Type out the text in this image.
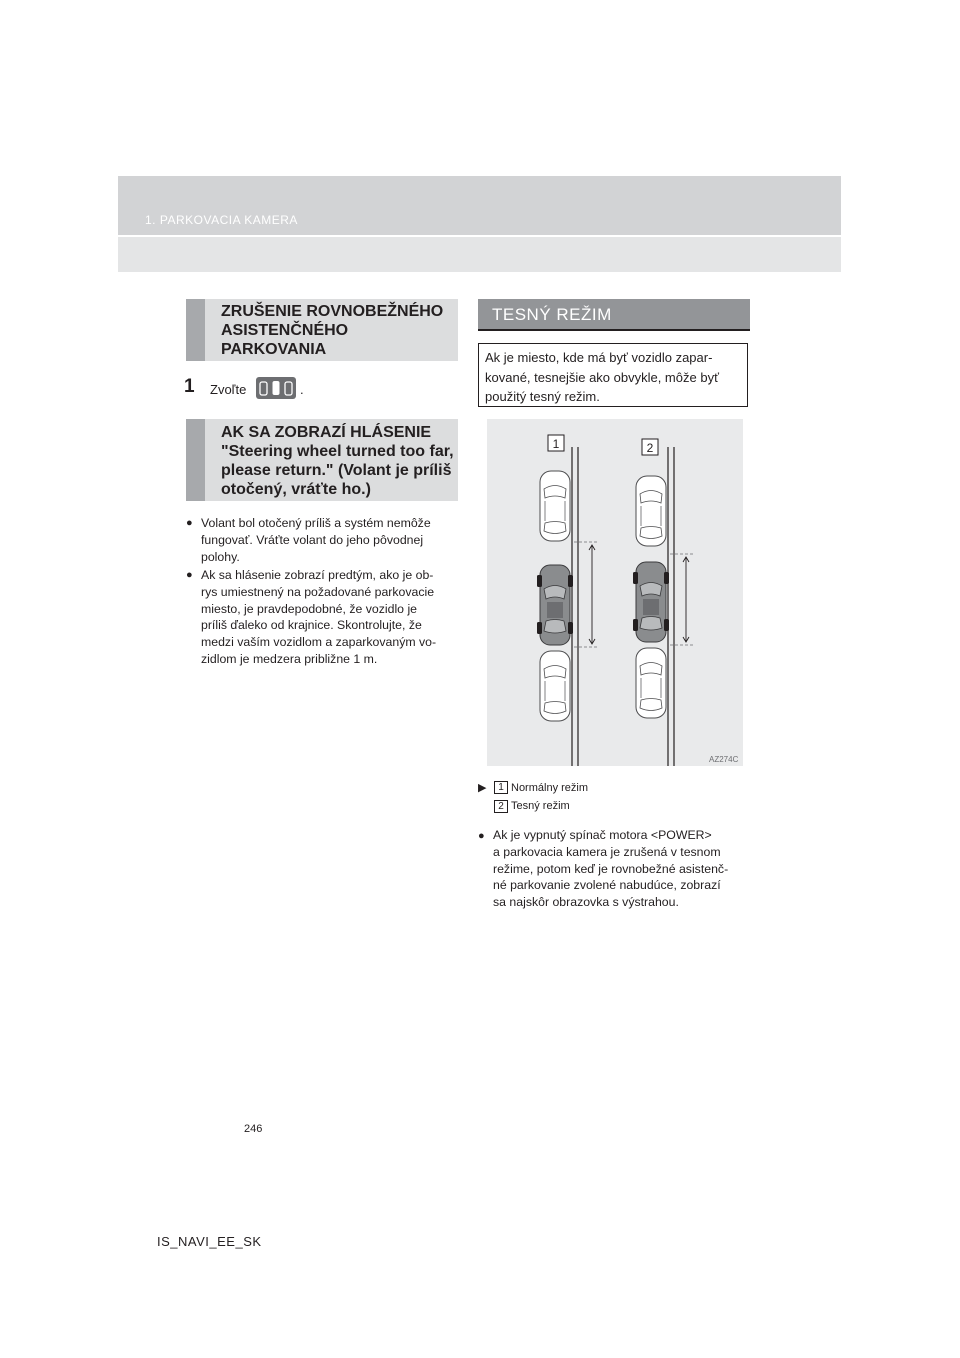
1. PARKOVACIA KAMERA
ZRUŠENIE ROVNOBEŽNÉHO
ASISTENČNÉHO
PARKOVANIA
1 Zvoľte	.
AK SA ZOBRAZÍ HLÁSENIE
"Steering wheel turned too far,
please return." (Volant je príliš
otočený, vráťte ho.)
● Volant bol otočený príliš a systém nemôže
fungovať. Vráťte volant do jeho pôvodnej
polohy.
● Ak sa hlásenie zobrazí predtým, ako je ob-
rys umiestnený na požadované parkovacie
miesto, je pravdepodobné, že vozidlo je
príliš ďaleko od krajnice. Skontrolujte, že
medzi vaším vozidlom a zaparkovaným vo-
zidlom je medzera približne 1 m.
TESNÝ REŽIM
Ak je miesto, kde má byť vozidlo zapar-
kované, tesnejšie ako obvykle, môže byť
použitý tesný režim.
1	2
AZ274C
▶	1 Normálny režim
2 Tesný režim
● Ak je vypnutý spínač motora <POWER>
a parkovacia kamera je zrušená v tesnom
režime, potom keď je rovnobežné asistenč-
né parkovanie zvolené nabudúce, zobrazí
sa najskôr obrazovka s výstrahou.
246
IS_NAVI_EE_SK
